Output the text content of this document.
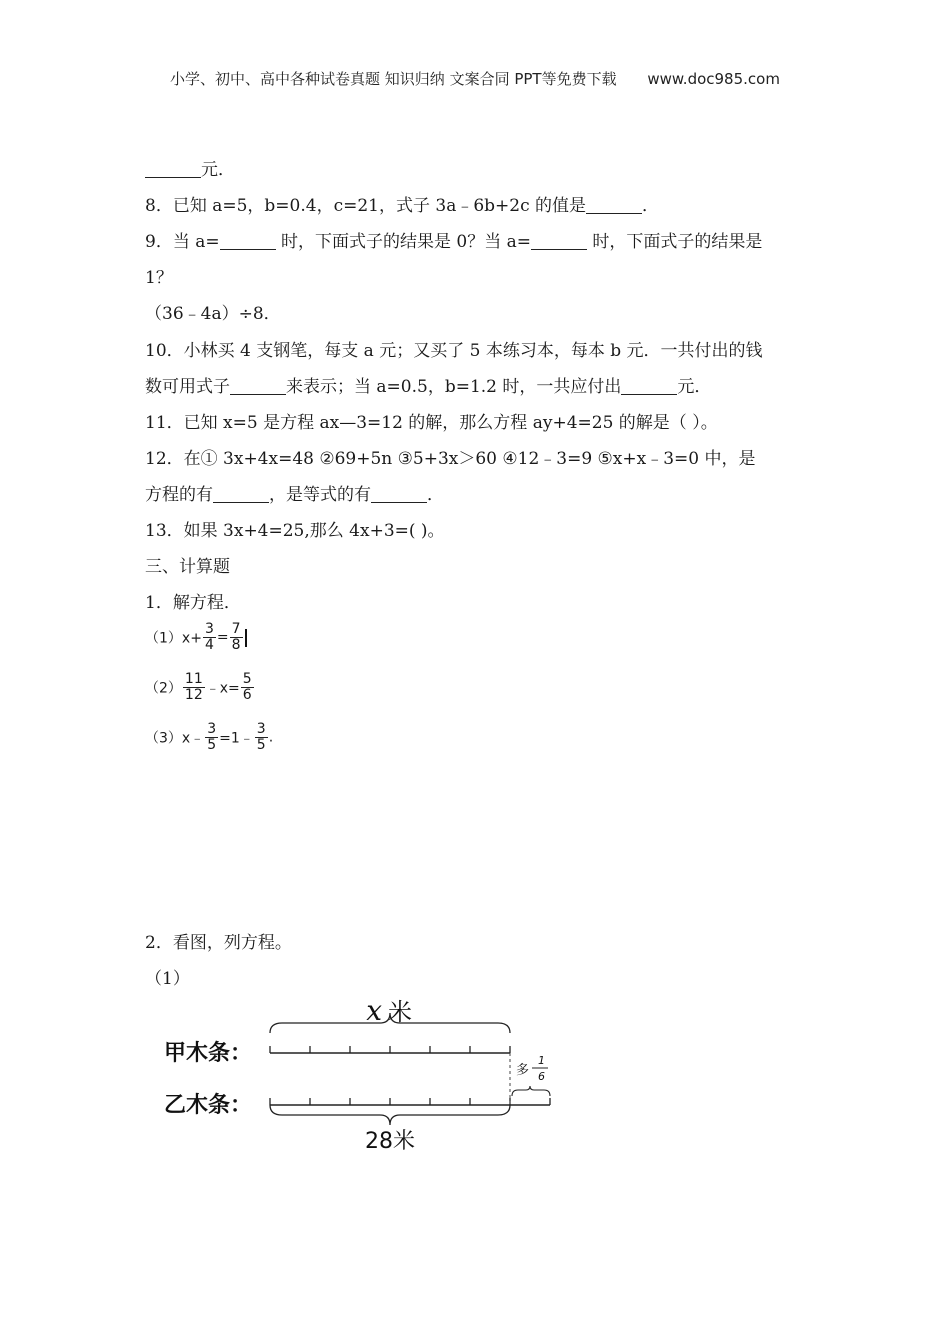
小学、初中、高中各种试卷真题 知识归纳 文案合同 PPT等免费下载 www.doc985.com
元．
8．已知 a=5，b=0.4，c=21，式子 3a﹣6b+2c 的值是	．
9．当 a=	时，下面式子的结果是 0？当 a=	时，下面式子的结果是
1？
（36﹣4a）÷8．
10．小林买 4 支钢笔，每支 a 元；又买了 5 本练习本，每本 b 元．一共付出的钱
数可用式子	来表示；当 a=0.5，b=1.2 时，一共应付出	元．
11．已知 x=5 是方程 ax—3=12 的解，那么方程 ay+4=25 的解是（ ）。
12．在① 3x+4x=48 ②69+5n ③5+3x＞60 ④12﹣3=9 ⑤x+x﹣3=0 中，是
方程的有	，是等式的有	．
13．如果 3x+4=25,那么 4x+3=( )。
三、计算题
1．解方程．
$(1)x+ \frac{3}{4} = \frac{7}{8}$
$(2) \frac{11}{12}$ ﹣x= $\frac{5}{6}$
（3）x﹣ $\frac{3}{5}$ =1﹣ $\frac{3}{5}$ .
2．看图，列方程。
（1）
x 米
甲木条：
乙木条：
多
1
6
28米
